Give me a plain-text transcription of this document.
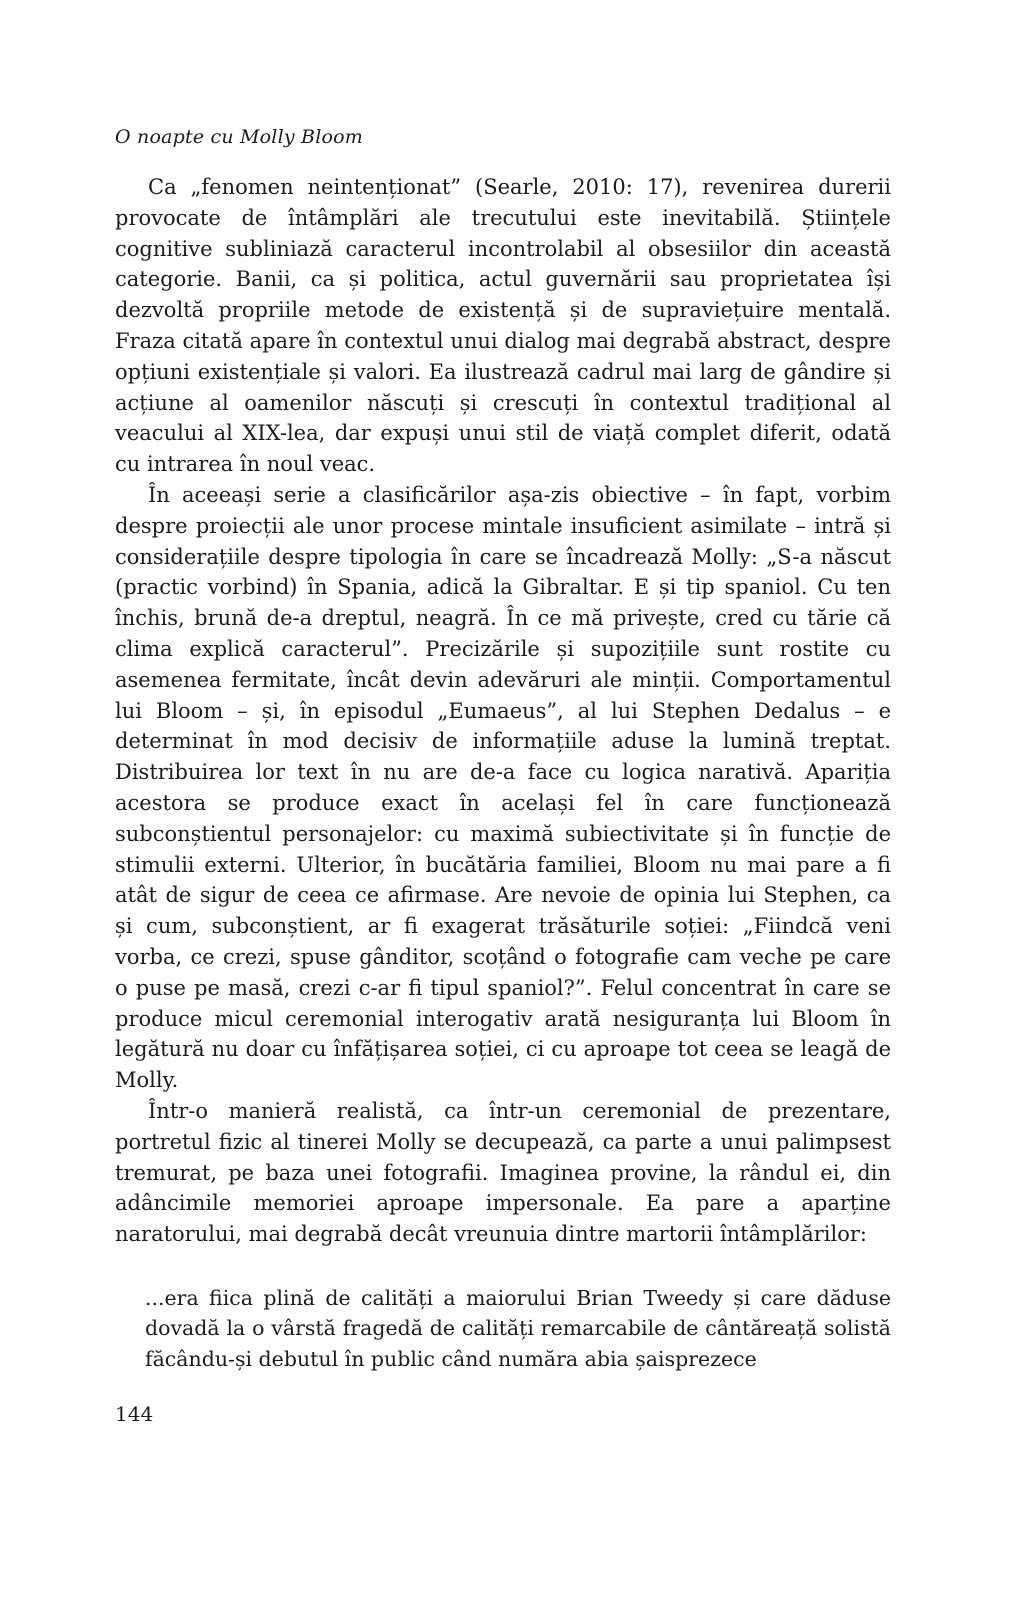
O noapte cu Molly Bloom

Ca „fenomen neintenționat” (Searle, 2010: 17), revenirea durerii provocate de întâmplări ale trecutului este inevitabilă. Științele cognitive subliniază caracterul incontrolabil al obsesiilor din această categorie. Banii, ca și politica, actul guvernării sau proprietatea își dezvoltă propriile metode de existență și de supraviețuire mentală. Fraza citată apare în contextul unui dialog mai degrabă abstract, despre opțiuni existențiale și valori. Ea ilustrează cadrul mai larg de gândire și acțiune al oamenilor născuți și crescuți în contextul tradițional al veacului al XIX-lea, dar expuși unui stil de viață complet diferit, odată cu intrarea în noul veac.

În aceeași serie a clasificărilor așa-zis obiective – în fapt, vorbim despre proiecții ale unor procese mintale insuficient asimilate – intră și considerațiile despre tipologia în care se încadrează Molly: „S-a născut (practic vorbind) în Spania, adică la Gibraltar. E și tip spaniol. Cu ten închis, brună de-a dreptul, neagră. În ce mă privește, cred cu tărie că clima explică caracterul”. Precizările și supozițiile sunt rostite cu asemenea fermitate, încât devin adevăruri ale minții. Comportamentul lui Bloom – și, în episodul „Eumaeus”, al lui Stephen Dedalus – e determinat în mod decisiv de informațiile aduse la lumină treptat. Distribuirea lor text în nu are de-a face cu logica narativă. Apariția acestora se produce exact în același fel în care funcționează subconștientul personajelor: cu maximă subiectivitate și în funcție de stimulii externi. Ulterior, în bucătăria familiei, Bloom nu mai pare a fi atât de sigur de ceea ce afirmase. Are nevoie de opinia lui Stephen, ca și cum, subconștient, ar fi exagerat trăsăturile soției: „Fiindcă veni vorba, ce crezi, spuse gânditor, scoțând o fotografie cam veche pe care o puse pe masă, crezi c-ar fi tipul spaniol?”. Felul concentrat în care se produce micul ceremonial interogativ arată nesiguranța lui Bloom în legătură nu doar cu înfățișarea soției, ci cu aproape tot ceea se leagă de Molly.

Într-o manieră realistă, ca într-un ceremonial de prezentare, portretul fizic al tinerei Molly se decupează, ca parte a unui palimpsest tremurat, pe baza unei fotografii. Imaginea provine, la rândul ei, din adâncimile memoriei aproape impersonale. Ea pare a aparține naratorului, mai degrabă decât vreunuia dintre martorii întâmplărilor:

...era fiica plină de calități a maiorului Brian Tweedy și care dăduse dovadă la o vârstă fragedă de calități remarcabile de cântăreață solistă făcându-și debutul în public când număra abia șaisprezece
144
